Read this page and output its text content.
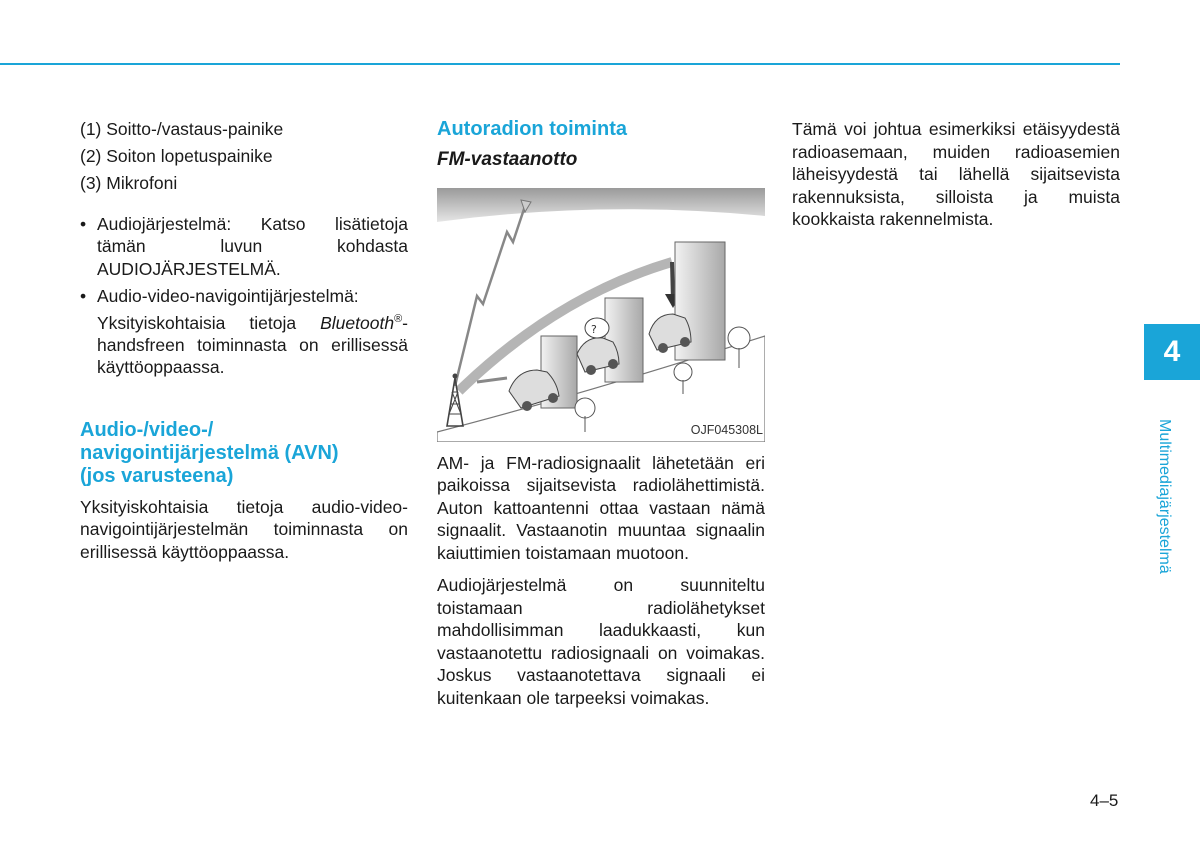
(1) Soitto-/vastaus-painike
(2) Soiton lopetuspainike
(3) Mikrofoni
• Audiojärjestelmä: Katso lisätietoja tämän luvun kohdasta AUDIOJÄRJESTELMÄ.
• Audio-video-navigointijärjestelmä: Yksityiskohtaisia tietoja Bluetooth®-handsfreen toiminnasta on erillisessä käyttöoppaassa.
Audio-/video-/
navigointijärjestelmä (AVN)
(jos varusteena)

Yksityiskohtaisia tietoja audio-video-navigointijärjestelmän toiminnasta on erillisessä käyttöoppaassa.

Autoradion toiminta
FM-vastaanotto
?
OJF045308L

AM- ja FM-radiosignaalit lähetetään eri paikoissa sijaitsevista radiolähettimistä. Auton kattoantenni ottaa vastaan nämä signaalit. Vastaanotin muuntaa signaalin kaiuttimien toistamaan muotoon.

Audiojärjestelmä on suunniteltu toistamaan radiolähetykset mahdollisimman laadukkaasti, kun vastaanotettu radiosignaali on voimakas. Joskus vastaanotettava signaali ei kuitenkaan ole tarpeeksi voimakas.

Tämä voi johtua esimerkiksi etäisyydestä radioasemaan, muiden radioasemien läheisyydestä tai lähellä sijaitsevista rakennuksista, silloista ja muista kookkaista rakennelmista.

4
Multimediajärjestelmä
4–5
